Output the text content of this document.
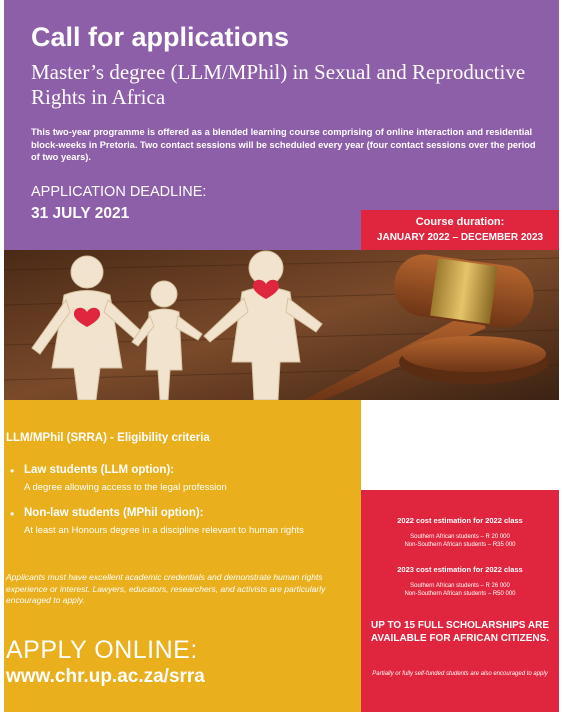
Call for applications

Master’s degree (LLM/MPhil) in Sexual and Reproductive Rights in Africa

This two-year programme is offered as a blended learning course comprising of online interaction and residential block-weeks in Pretoria. Two contact sessions will be scheduled every year (four contact sessions over the period of two years).

APPLICATION DEADLINE:
31 JULY 2021	Course duration:
JANUARY 2022 – DECEMBER 2023
LLM/MPhil (SRRA) - Eligibility criteria
• Law students (LLM option):
A degree allowing access to the legal profession
• Non-law students (MPhil option):
At least an Honours degree in a discipline relevant to human rights

Applicants must have excellent academic credentials and demonstrate human rights experience or interest. Lawyers, educators, researchers, and activists are particularly encouraged to apply.

APPLY ONLINE:
www.chr.up.ac.za/srra
2022 cost estimation for 2022 class
Southern African students – R 20 000
Non-Southern African students – R35 000
2023 cost estimation for 2022 class
Southern African students – R 26 000
Non-Southern African students – R50 000
UP TO 15 FULL SCHOLARSHIPS ARE AVAILABLE FOR AFRICAN CITIZENS.
Partially or fully self-funded students are also encouraged to apply
